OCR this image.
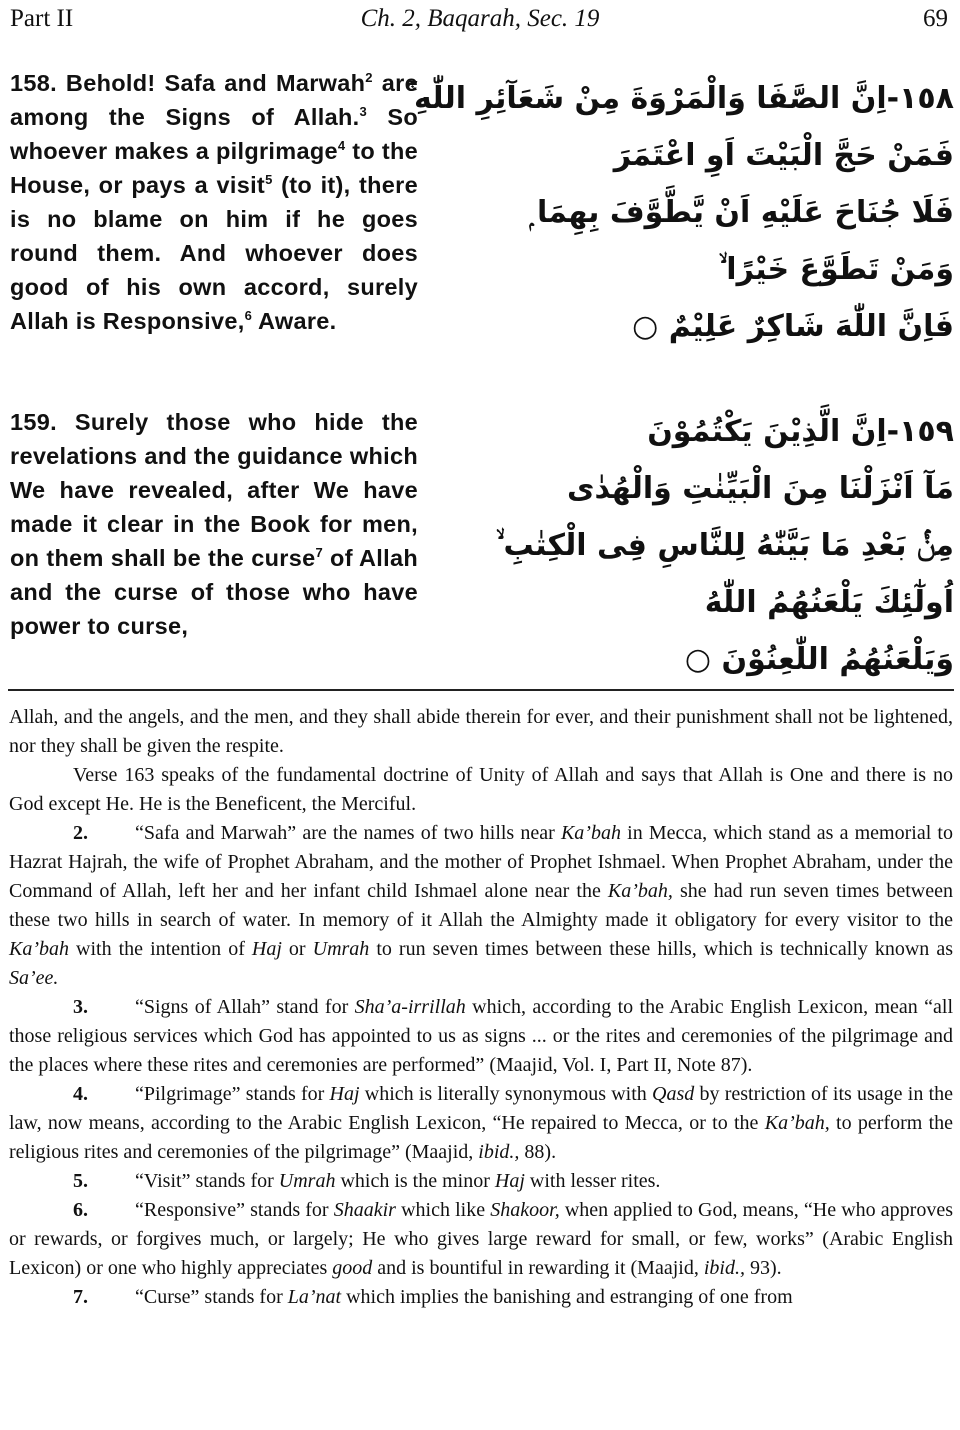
Part II	Ch. 2, Baqarah, Sec. 19	69
158. Behold! Safa and Marwah$^2$ are among the Signs of Allah.$^3$ So whoever makes a pilgrimage$^4$ to the House, or pays a visit$^5$ (to it), there is no blame on him if he goes round them. And whoever does good of his own accord, surely Allah is Responsive,$^6$ Aware.
١٥٨-اِنَّ الصَّفَا وَالْمَرْوَةَ مِنْ شَعَآئِرِ اللّٰهِ ۚ
فَمَنْ حَجَّ الْبَيْتَ اَوِ اعْتَمَرَ
فَلَا جُنَاحَ عَلَيْهِ اَنْ يَّطَّوَّفَ بِهِمَا ۭ
وَمَنْ تَطَوَّعَ خَيْرًا ۙ
فَاِنَّ اللّٰهَ شَاكِرٌ عَلِيْمٌ ○
159. Surely those who hide the revelations and the guidance which We have revealed, after We have made it clear in the Book for men, on them shall be the curse$^7$ of Allah and the curse of those who have power to curse,
١٥٩-اِنَّ الَّذِيْنَ يَكْتُمُوْنَ
مَآ اَنْزَلْنَا مِنَ الْبَيِّنٰتِ وَالْهُدٰى
مِنْۢ بَعْدِ مَا بَيَّنّٰهُ لِلنَّاسِ فِى الْكِتٰبِ ۙ
اُولٰٓئِكَ يَلْعَنُهُمُ اللّٰهُ
وَيَلْعَنُهُمُ اللّٰعِنُوْنَ ○

Allah, and the angels, and the men, and they shall abide therein for ever, and their punishment shall not be lightened, nor they shall be given the respite.

Verse 163 speaks of the fundamental doctrine of Unity of Allah and says that Allah is One and there is no God except He. He is the Beneficent, the Merciful.

2. “Safa and Marwah” are the names of two hills near Ka’bah in Mecca, which stand as a memorial to Hazrat Hajrah, the wife of Prophet Abraham, and the mother of Prophet Ishmael. When Prophet Abraham, under the Command of Allah, left her and her infant child Ishmael alone near the Ka’bah, she had run seven times between these two hills in search of water. In memory of it Allah the Almighty made it obligatory for every visitor to the Ka’bah with the intention of Haj or Umrah to run seven times between these hills, which is technically known as Sa’ee.

3. “Signs of Allah” stand for Sha’a-irrillah which, according to the Arabic English Lexicon, mean “all those religious services which God has appointed to us as signs ... or the rites and ceremonies of the pilgrimage and the places where these rites and ceremonies are performed” (Maajid, Vol. I, Part II, Note 87).

4. “Pilgrimage” stands for Haj which is literally synonymous with Qasd by restriction of its usage in the law, now means, according to the Arabic English Lexicon, “He repaired to Mecca, or to the Ka’bah, to perform the religious rites and ceremonies of the pilgrimage” (Maajid, ibid., 88).

5. “Visit” stands for Umrah which is the minor Haj with lesser rites.

6. “Responsive” stands for Shaakir which like Shakoor, when applied to God, means, “He who approves or rewards, or forgives much, or largely; He who gives large reward for small, or few, works” (Arabic English Lexicon) or one who highly appreciates good and is bountiful in rewarding it (Maajid, ibid., 93).

7. “Curse” stands for La’nat which implies the banishing and estranging of one from
